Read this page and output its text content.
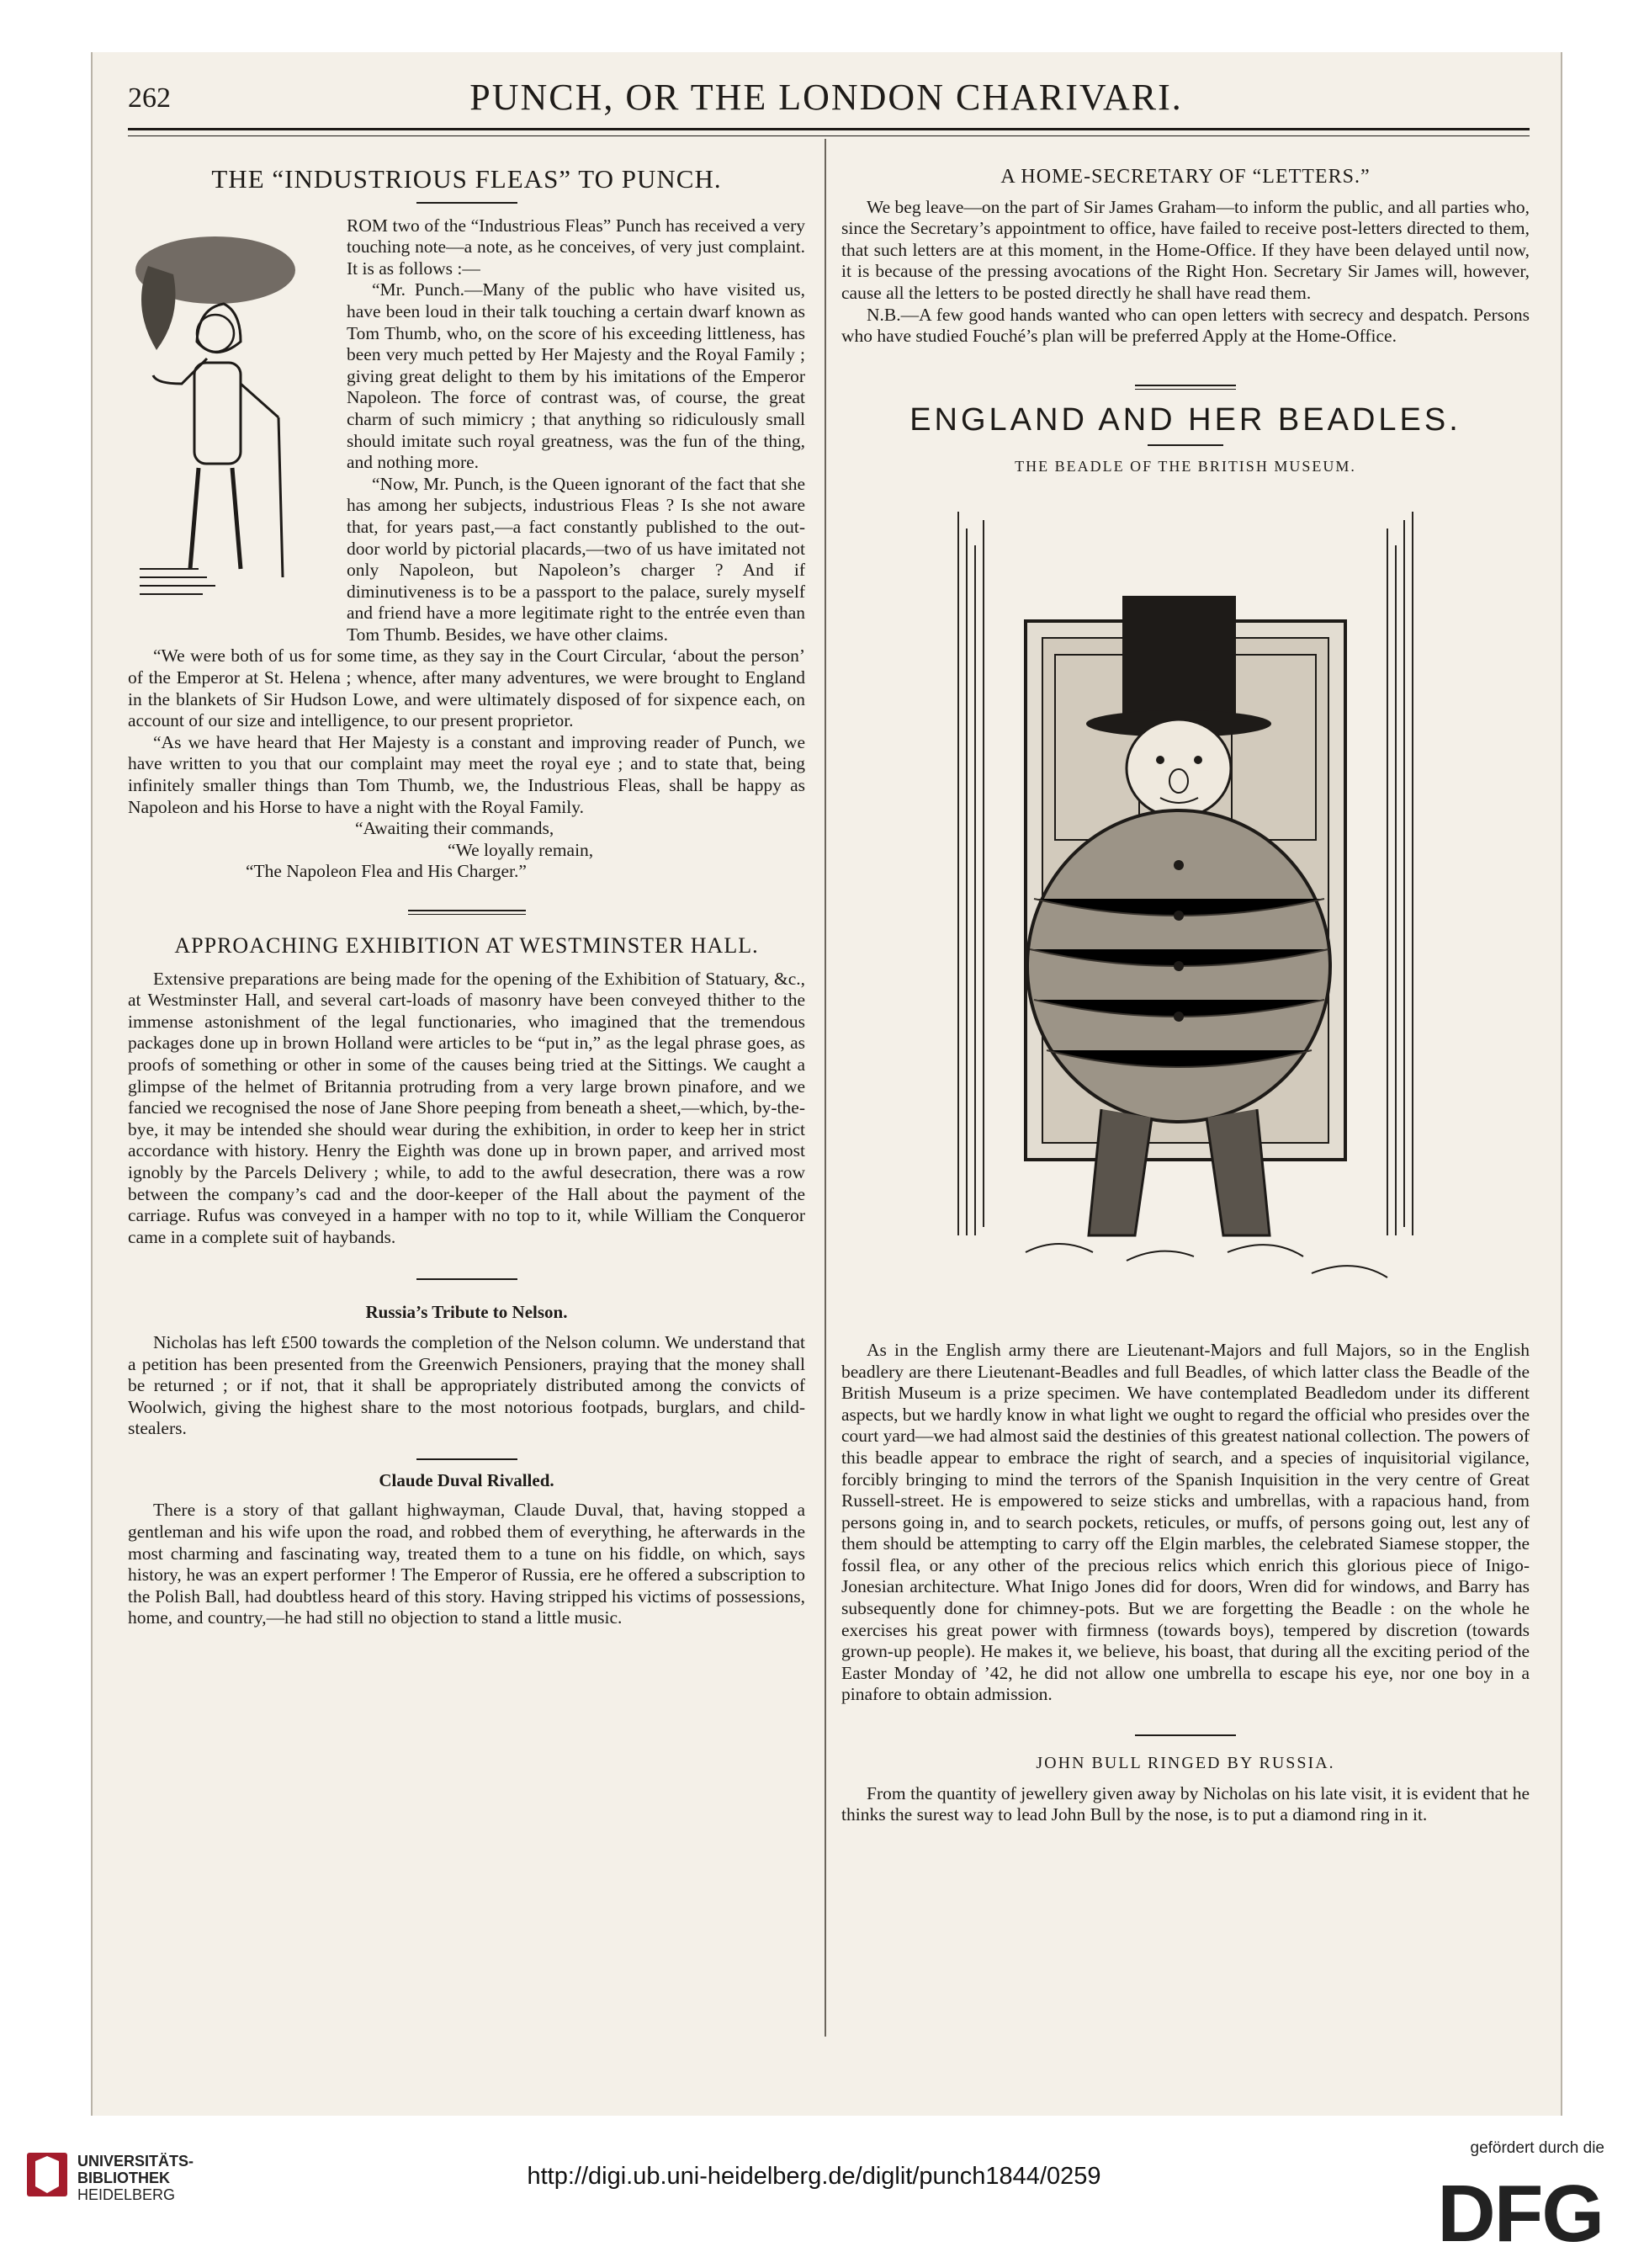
262	PUNCH, OR THE LONDON CHARIVARI.
THE “INDUSTRIOUS FLEAS” TO PUNCH.

ROM two of the “Industrious Fleas” Punch has received a very touching note—a note, as he conceives, of very just complaint. It is as follows :—

“Mr. Punch.—Many of the public who have visited us, have been loud in their talk touching a certain dwarf known as Tom Thumb, who, on the score of his exceeding littleness, has been very much petted by Her Majesty and the Royal Family ; giving great delight to them by his imitations of the Emperor Napoleon. The force of contrast was, of course, the great charm of such mimicry ; that anything so ridiculously small should imitate such royal greatness, was the fun of the thing, and nothing more.

“Now, Mr. Punch, is the Queen ignorant of the fact that she has among her subjects, industrious Fleas ? Is she not aware that, for years past,—a fact constantly published to the out-door world by pictorial placards,—two of us have imitated not only Napoleon, but Napoleon’s charger ? And if diminutiveness is to be a passport to the palace, surely myself and friend have a more legitimate right to the entrée even than Tom Thumb. Besides, we have other claims.

“We were both of us for some time, as they say in the Court Circular, ‘about the person’ of the Emperor at St. Helena ; whence, after many adventures, we were brought to England in the blankets of Sir Hudson Lowe, and were ultimately disposed of for sixpence each, on account of our size and intelligence, to our present proprietor.

“As we have heard that Her Majesty is a constant and improving reader of Punch, we have written to you that our complaint may meet the royal eye ; and to state that, being infinitely smaller things than Tom Thumb, we, the Industrious Fleas, shall be happy as Napoleon and his Horse to have a night with the Royal Family.

“Awaiting their commands,

“We loyally remain,

“The Napoleon Flea and His Charger.”

APPROACHING EXHIBITION AT WESTMINSTER HALL.

Extensive preparations are being made for the opening of the Exhibition of Statuary, &c., at Westminster Hall, and several cart-loads of masonry have been conveyed thither to the immense astonishment of the legal functionaries, who imagined that the tremendous packages done up in brown Holland were articles to be “put in,” as the legal phrase goes, as proofs of something or other in some of the causes being tried at the Sittings. We caught a glimpse of the helmet of Britannia protruding from a very large brown pinafore, and we fancied we recognised the nose of Jane Shore peeping from beneath a sheet,—which, by-the-bye, it may be intended she should wear during the exhibition, in order to keep her in strict accordance with history. Henry the Eighth was done up in brown paper, and arrived most ignobly by the Parcels Delivery ; while, to add to the awful desecration, there was a row between the company’s cad and the door-keeper of the Hall about the payment of the carriage. Rufus was conveyed in a hamper with no top to it, while William the Conqueror came in a complete suit of haybands.

Russia’s Tribute to Nelson.

Nicholas has left £500 towards the completion of the Nelson column. We understand that a petition has been presented from the Greenwich Pensioners, praying that the money shall be returned ; or if not, that it shall be appropriately distributed among the convicts of Woolwich, giving the highest share to the most notorious footpads, burglars, and child-stealers.

Claude Duval Rivalled.

There is a story of that gallant highwayman, Claude Duval, that, having stopped a gentleman and his wife upon the road, and robbed them of everything, he afterwards in the most charming and fascinating way, treated them to a tune on his fiddle, on which, says history, he was an expert performer ! The Emperor of Russia, ere he offered a subscription to the Polish Ball, had doubtless heard of this story. Having stripped his victims of possessions, home, and country,—he had still no objection to stand a little music.

A HOME-SECRETARY OF “LETTERS.”

We beg leave—on the part of Sir James Graham—to inform the public, and all parties who, since the Secretary’s appointment to office, have failed to receive post-letters directed to them, that such letters are at this moment, in the Home-Office. If they have been delayed until now, it is because of the pressing avocations of the Right Hon. Secretary Sir James will, however, cause all the letters to be posted directly he shall have read them.

N.B.—A few good hands wanted who can open letters with secrecy and despatch. Persons who have studied Fouché’s plan will be preferred Apply at the Home-Office.

ENGLAND AND HER BEADLES.
THE BEADLE OF THE BRITISH MUSEUM.

As in the English army there are Lieutenant-Majors and full Majors, so in the English beadlery are there Lieutenant-Beadles and full Beadles, of which latter class the Beadle of the British Museum is a prize specimen. We have contemplated Beadledom under its different aspects, but we hardly know in what light we ought to regard the official who presides over the court yard—we had almost said the destinies of this greatest national collection. The powers of this beadle appear to embrace the right of search, and a species of inquisitorial vigilance, forcibly bringing to mind the terrors of the Spanish Inquisition in the very centre of Great Russell-street. He is empowered to seize sticks and umbrellas, with a rapacious hand, from persons going in, and to search pockets, reticules, or muffs, of persons going out, lest any of them should be attempting to carry off the Elgin marbles, the celebrated Siamese stopper, the fossil flea, or any other of the precious relics which enrich this glorious piece of Inigo-Jonesian architecture. What Inigo Jones did for doors, Wren did for windows, and Barry has subsequently done for chimney-pots. But we are forgetting the Beadle : on the whole he exercises his great power with firmness (towards boys), tempered by discretion (towards grown-up people). He makes it, we believe, his boast, that during all the exciting period of the Easter Monday of ’42, he did not allow one umbrella to escape his eye, nor one boy in a pinafore to obtain admission.

JOHN BULL RINGED BY RUSSIA.

From the quantity of jewellery given away by Nicholas on his late visit, it is evident that he thinks the surest way to lead John Bull by the nose, is to put a diamond ring in it.

UNIVERSITÄTS-
BIBLIOTHEK
HEIDELBERG
http://digi.ub.uni-heidelberg.de/diglit/punch1844/0259
gefördert durch die
DFG
